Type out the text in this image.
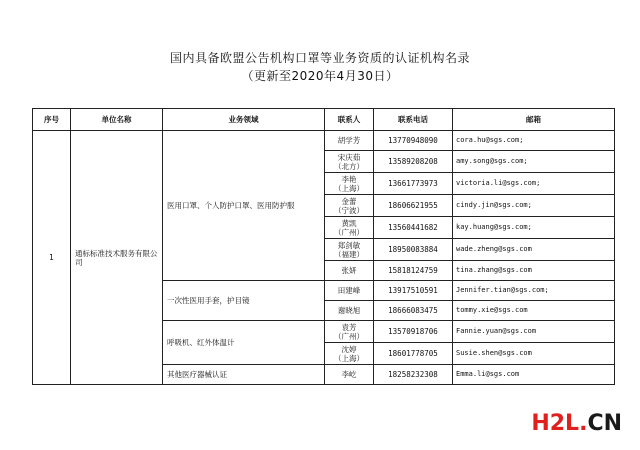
国内具备欧盟公告机构口罩等业务资质的认证机构名录
（更新至2020年4月30日）
序号	单位名称	业务领域	联系人	联系电话	邮箱
1	通标标准技术服务有限公司	医用口罩、个人防护口罩、医用防护服	胡学芳	13770948090	cora.hu@sgs.com;

			宋庆茹
（北方）	13589208208	amy.song@sgs.com;

			李艳
（上海）	13661773973	victoria.li@sgs.com;

			金蕾
（宁波）	18606621955	cindy.jin@sgs.com;

			黄凯
（广州）	13560441682	kay.huang@sgs.com;

			郑剑敏
（福建）	18950083884	wade.zheng@sgs.com

			张妍	15818124759	tina.zhang@sgs.com
		一次性医用手套，护目镜	田建峰	13917510591	Jennifer.tian@sgs.com;

			谢晓旭	18666083475	tommy.xie@sgs.com
		呼吸机、红外体温计	袁芳
（广州）	13570918706	Fannie.yuan@sgs.com

			沈婷
（上海）	18601778705	Susie.shen@sgs.com
		其他医疗器械认证	李屹	18258232308	Emma.li@sgs.com
H2L.CN
